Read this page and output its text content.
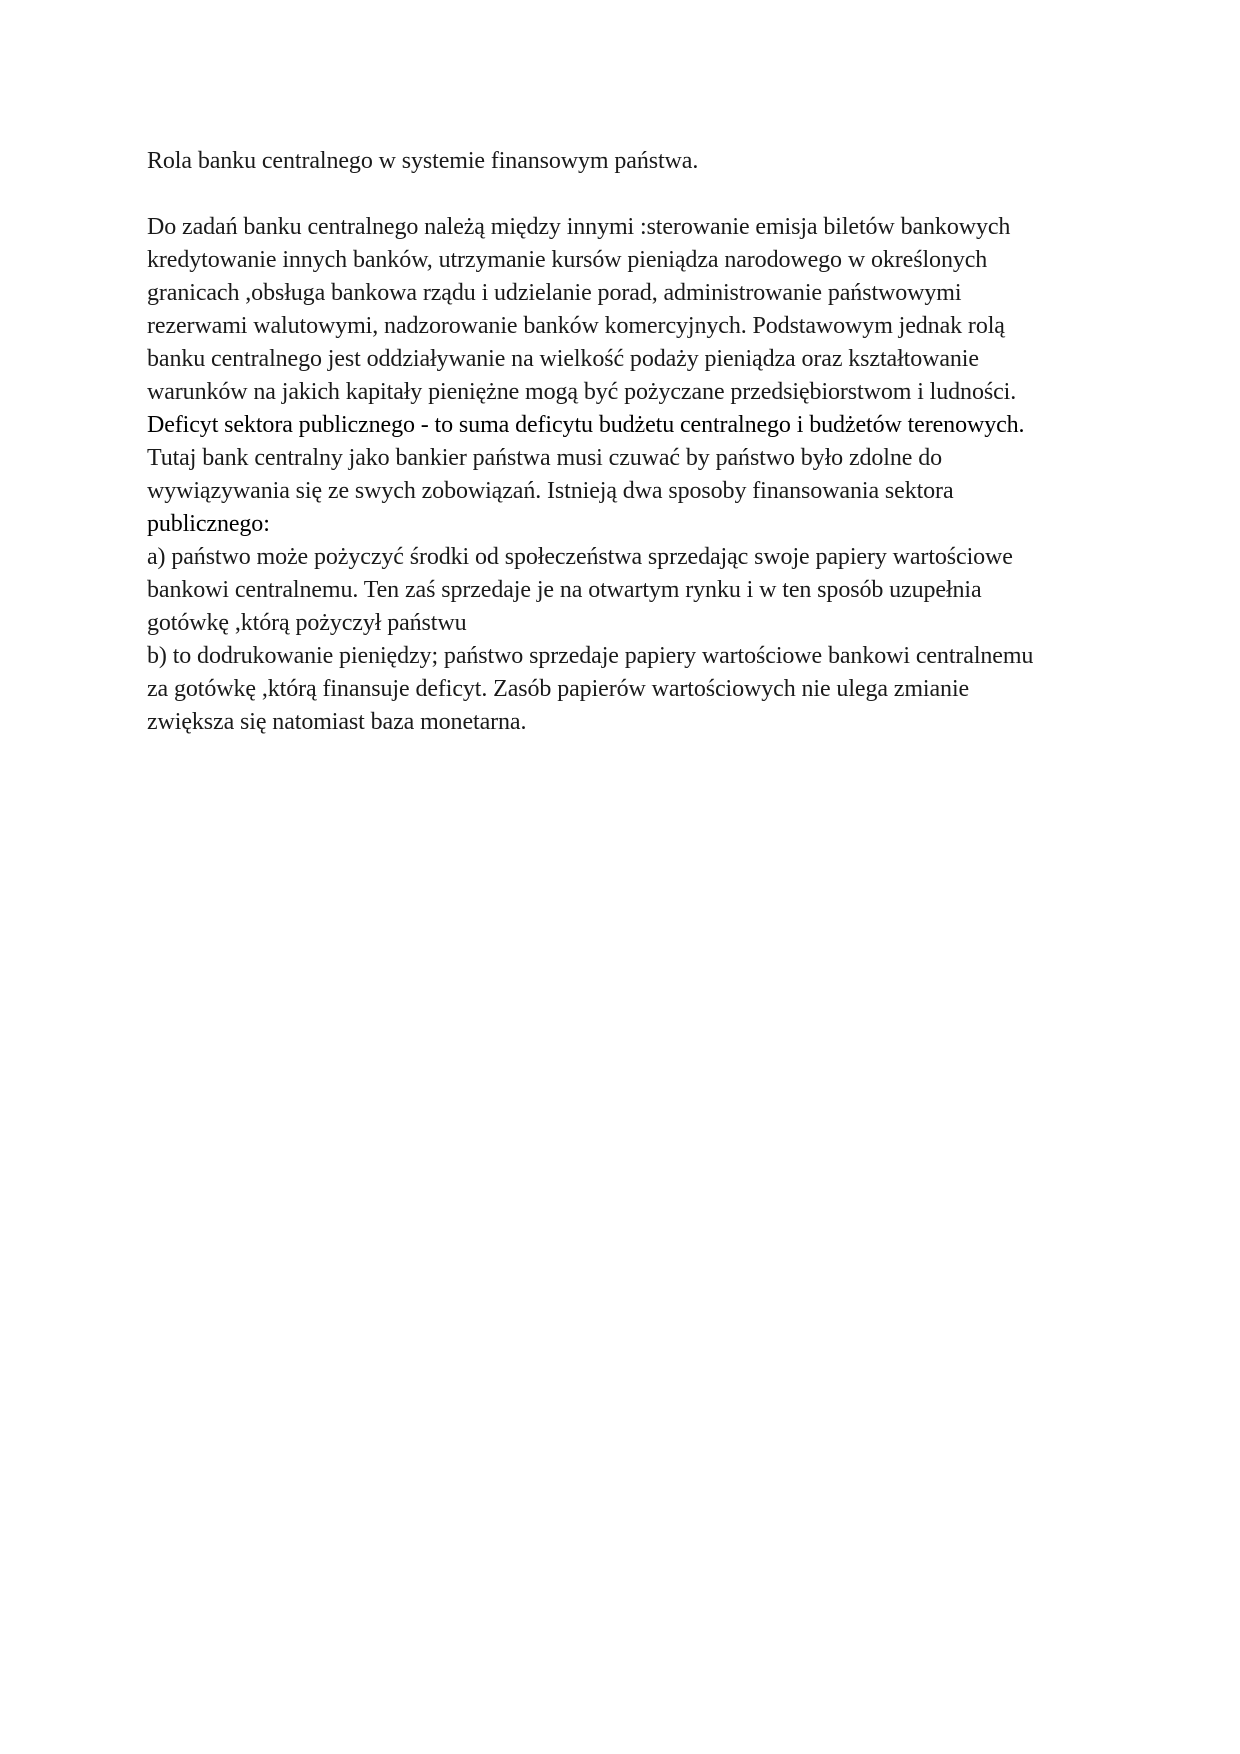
Rola banku centralnego w systemie finansowym państwa.
Do zadań banku centralnego należą między innymi :sterowanie emisja biletów bankowych
kredytowanie innych banków, utrzymanie kursów pieniądza narodowego w określonych
granicach ,obsługa bankowa rządu i udzielanie porad, administrowanie państwowymi
rezerwami walutowymi, nadzorowanie banków komercyjnych. Podstawowym jednak rolą
banku centralnego jest oddziaływanie na wielkość podaży pieniądza oraz kształtowanie
warunków na jakich kapitały pieniężne mogą być pożyczane przedsiębiorstwom i ludności.
Deficyt sektora publicznego - to suma deficytu budżetu centralnego i budżetów terenowych.
Tutaj bank centralny jako bankier państwa musi czuwać by państwo było zdolne do
wywiązywania się ze swych zobowiązań. Istnieją dwa sposoby finansowania sektora
publicznego:
a) państwo może pożyczyć środki od społeczeństwa sprzedając swoje papiery wartościowe
bankowi centralnemu. Ten zaś sprzedaje je na otwartym rynku i w ten sposób uzupełnia
gotówkę ,którą pożyczył państwu
b) to dodrukowanie pieniędzy; państwo sprzedaje papiery wartościowe bankowi centralnemu
za gotówkę ,którą finansuje deficyt. Zasób papierów wartościowych nie ulega zmianie
zwiększa się natomiast baza monetarna.
